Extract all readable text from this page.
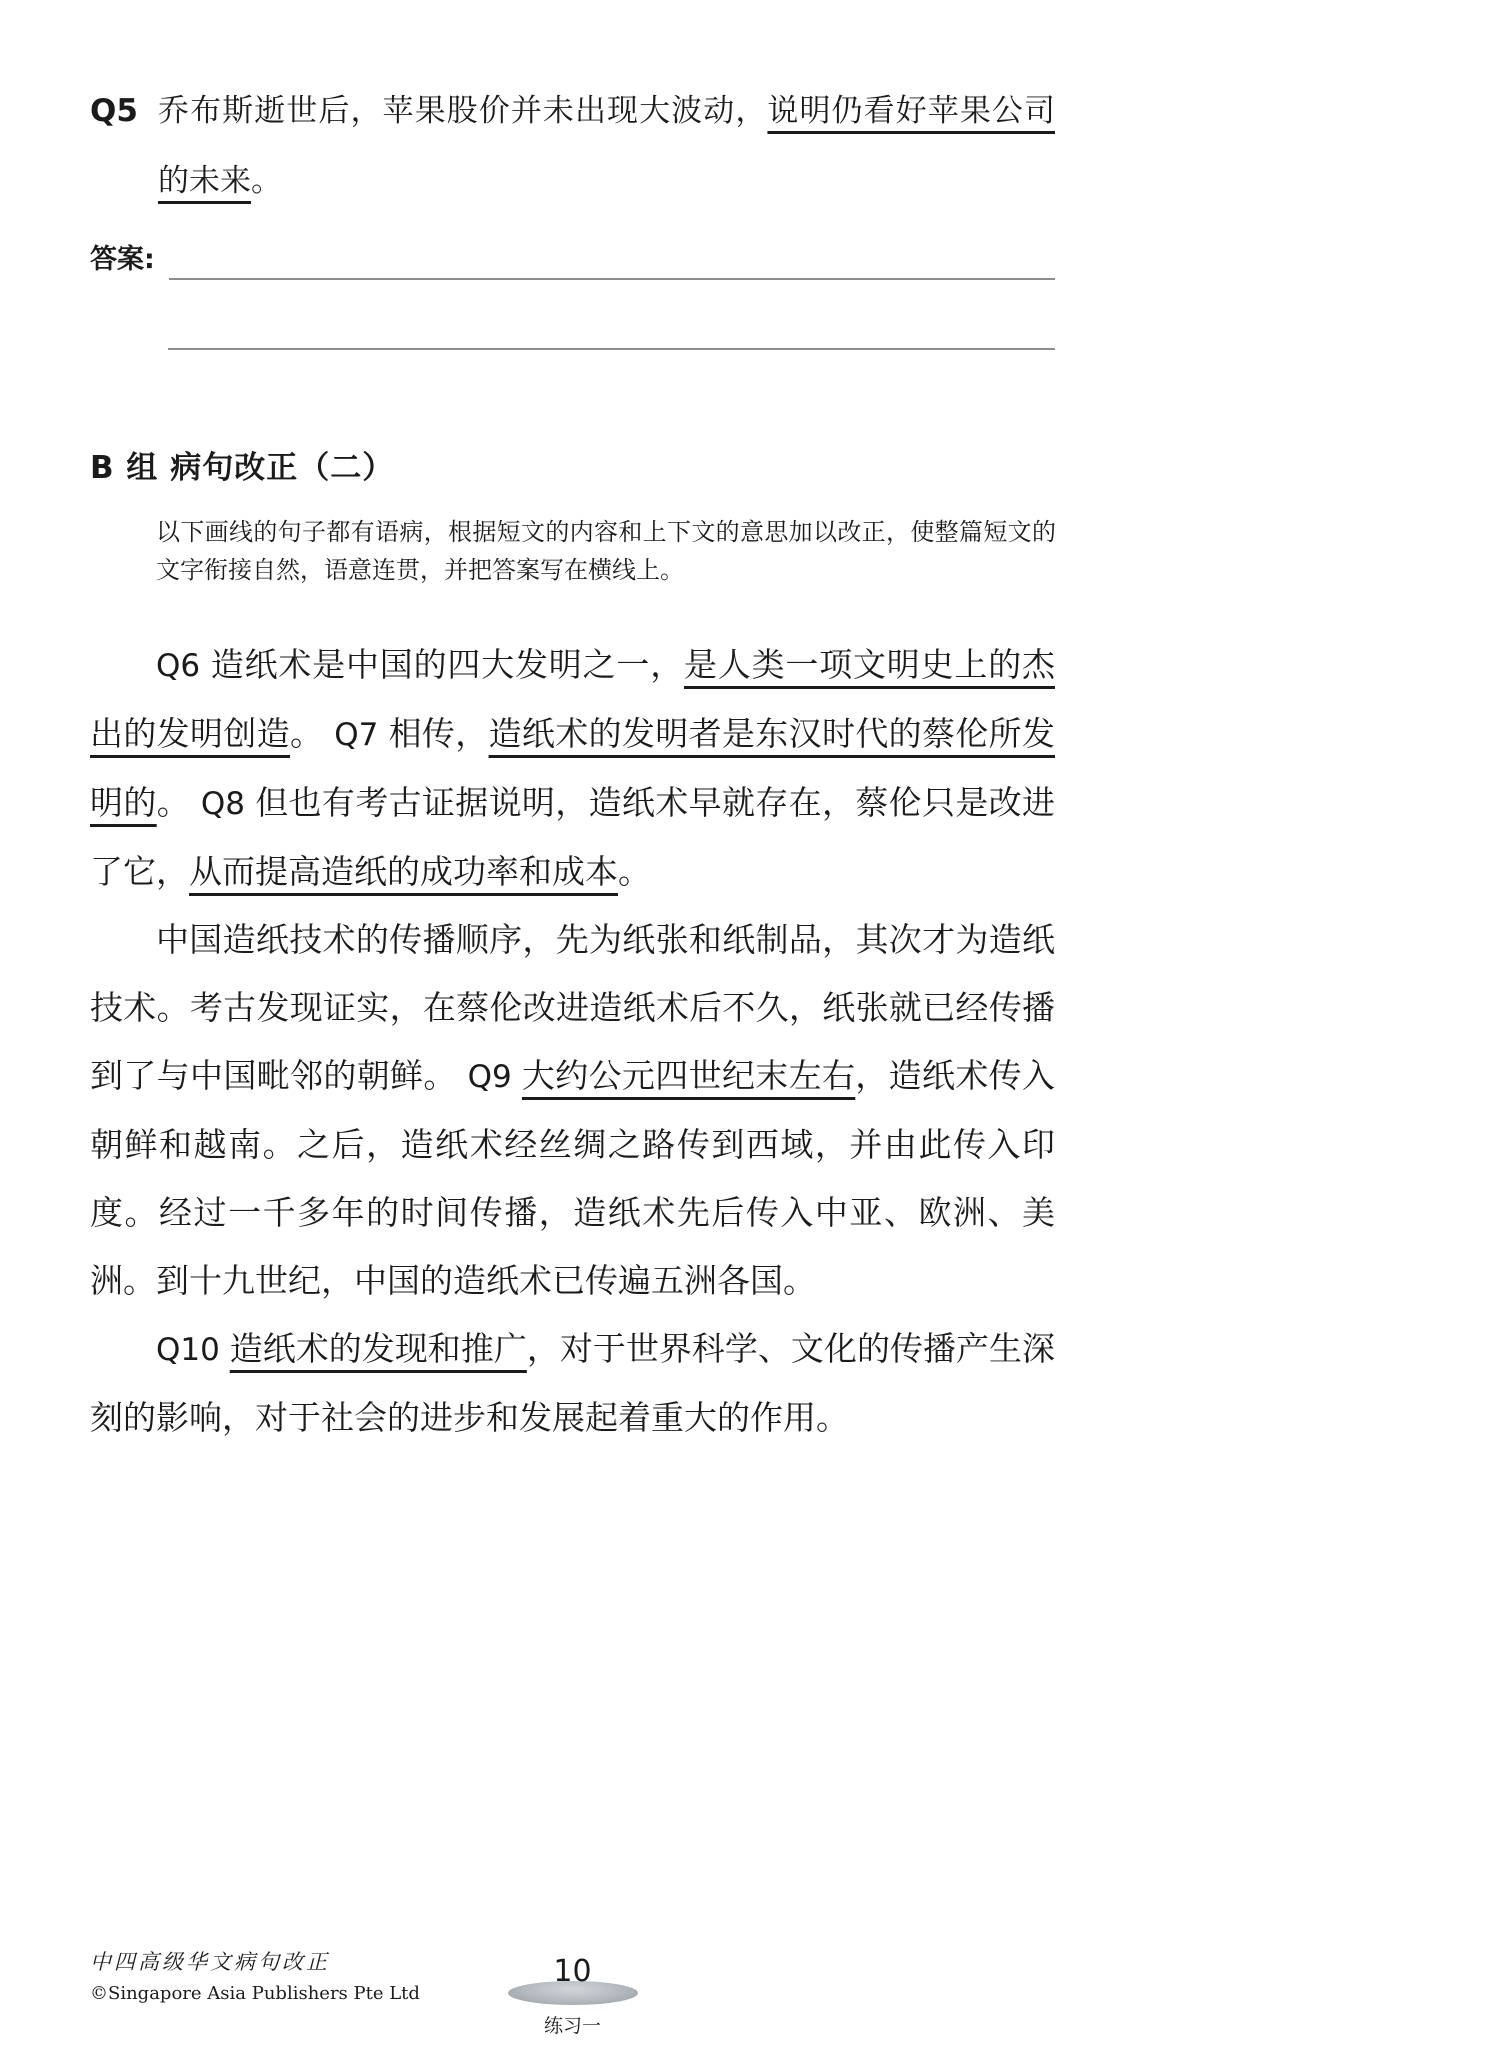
Q5 乔布斯逝世后，苹果股价并未出现大波动，说明仍看好苹果公司的未来。
答案:
B 组 病句改正（二）

以下画线的句子都有语病，根据短文的内容和上下文的意思加以改正，使整篇短文的文字衔接自然，语意连贯，并把答案写在横线上。

Q6 造纸术是中国的四大发明之一，是人类一项文明史上的杰出的发明创造。 Q7 相传，造纸术的发明者是东汉时代的蔡伦所发明的。 Q8 但也有考古证据说明，造纸术早就存在，蔡伦只是改进了它，从而提高造纸的成功率和成本。

中国造纸技术的传播顺序，先为纸张和纸制品，其次才为造纸技术。考古发现证实，在蔡伦改进造纸术后不久，纸张就已经传播到了与中国毗邻的朝鲜。 Q9 大约公元四世纪末左右，造纸术传入朝鲜和越南。之后，造纸术经丝绸之路传到西域，并由此传入印度。经过一千多年的时间传播，造纸术先后传入中亚、欧洲、美洲。到十九世纪，中国的造纸术已传遍五洲各国。

Q10 造纸术的发现和推广，对于世界科学、文化的传播产生深刻的影响，对于社会的进步和发展起着重大的作用。

中四高级华文病句改正
©Singapore Asia Publishers Pte Ltd
10
练习一
